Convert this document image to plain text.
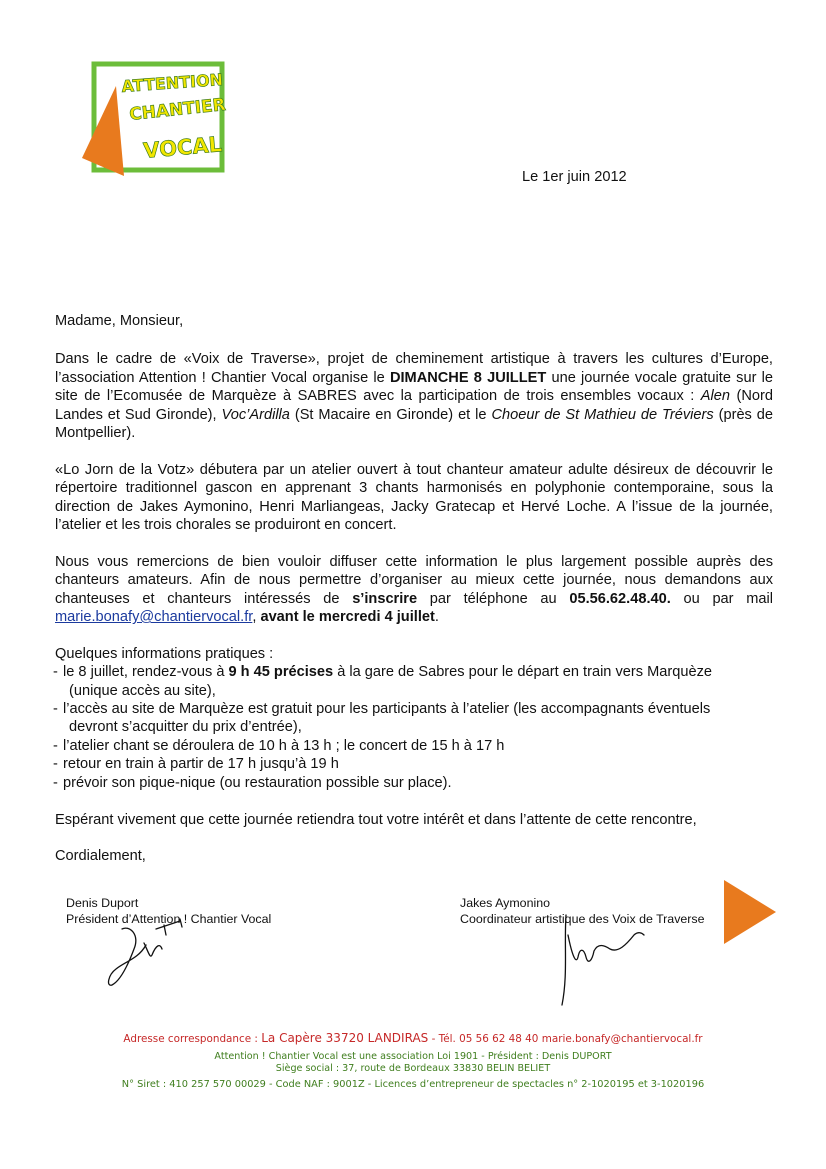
ATTENTION
CHANTIER
VOCAL
Le 1er juin 2012

Madame, Monsieur,

Dans le cadre de «Voix de Traverse», projet de cheminement artistique à travers les cultures d’Europe, l’association Attention ! Chantier Vocal organise le DIMANCHE 8 JUILLET une journée vocale gratuite sur le site de l’Ecomusée de Marquèze à SABRES avec la participation de trois ensembles vocaux : Alen (Nord Landes et Sud Gironde), Voc’Ardilla (St Macaire en Gironde) et le Choeur de St Mathieu de Tréviers (près de Montpellier).

«Lo Jorn de la Votz» débutera par un atelier ouvert à tout chanteur amateur adulte désireux de découvrir le répertoire traditionnel gascon en apprenant 3 chants harmonisés en polyphonie contemporaine, sous la direction de Jakes Aymonino, Henri Marliangeas, Jacky Gratecap et Hervé Loche. A l’issue de la journée, l’atelier et les trois chorales se produiront en concert.

Nous vous remercions de bien vouloir diffuser cette information le plus largement possible auprès des chanteurs amateurs. Afin de nous permettre d’organiser au mieux cette journée, nous demandons aux chanteuses et chanteurs intéressés de s’inscrire par téléphone au 05.56.62.48.40. ou par mail marie.bonafy@chantiervocal.fr, avant le mercredi 4 juillet.

Quelques informations pratiques :
- le 8 juillet, rendez-vous à 9 h 45 précises à la gare de Sabres pour le départ en train vers Marquèze
(unique accès au site),
- l’accès au site de Marquèze est gratuit pour les participants à l’atelier (les accompagnants éventuels
devront s’acquitter du prix d’entrée),
- l’atelier chant se déroulera de 10 h à 13 h ; le concert de 15 h à 17 h
- retour en train à partir de 17 h jusqu’à 19 h
- prévoir son pique-nique (ou restauration possible sur place).

Espérant vivement que cette journée retiendra tout votre intérêt et dans l’attente de cette rencontre,

Cordialement,

Denis Duport
Président d’Attention ! Chantier Vocal
Jakes Aymonino
Coordinateur artistique des Voix de Traverse
Adresse correspondance : La Capère 33720 LANDIRAS - Tél. 05 56 62 48 40 marie.bonafy@chantiervocal.fr
Attention ! Chantier Vocal est une association Loi 1901 - Président : Denis DUPORT
Siège social : 37, route de Bordeaux 33830 BELIN BELIET
N° Siret : 410 257 570 00029 - Code NAF : 9001Z - Licences d’entrepreneur de spectacles n° 2-1020195 et 3-1020196
